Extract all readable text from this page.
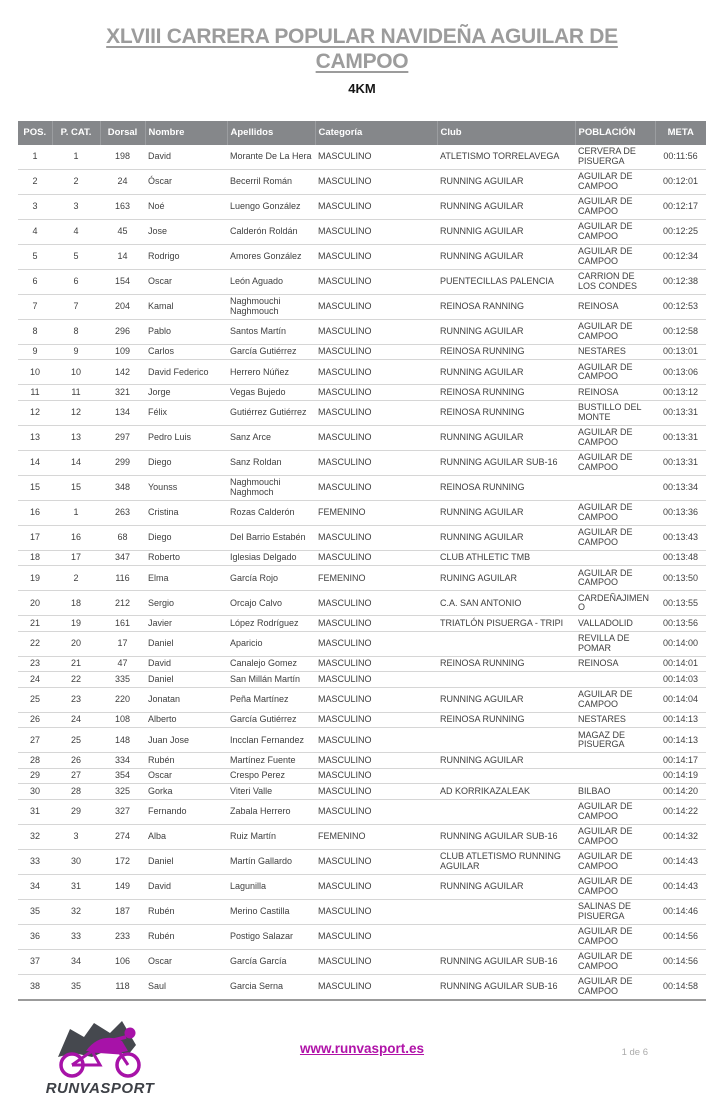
XLVIII CARRERA POPULAR NAVIDEÑA AGUILAR DE CAMPOO
4KM
POS.	P. CAT.	Dorsal	Nombre	Apellidos	Categoría	Club	POBLACIÓN	META
1	1	198	David	Morante De La Hera	MASCULINO	ATLETISMO TORRELAVEGA	CERVERA DE PISUERGA	00:11:56
2	2	24	Óscar	Becerril Román	MASCULINO	RUNNING AGUILAR	AGUILAR DE CAMPOO	00:12:01
3	3	163	Noé	Luengo González	MASCULINO	RUNNING AGUILAR	AGUILAR DE CAMPOO	00:12:17
4	4	45	Jose	Calderón Roldán	MASCULINO	RUNNNIG AGUILAR	AGUILAR DE CAMPOO	00:12:25
5	5	14	Rodrigo	Amores González	MASCULINO	RUNNING AGUILAR	AGUILAR DE CAMPOO	00:12:34
6	6	154	Oscar	León Aguado	MASCULINO	PUENTECILLAS PALENCIA	CARRION DE LOS CONDES	00:12:38
7	7	204	Kamal	Naghmouchi Naghmouch	MASCULINO	REINOSA RANNING	REINOSA	00:12:53
8	8	296	Pablo	Santos Martín	MASCULINO	RUNNING AGUILAR	AGUILAR DE CAMPOO	00:12:58
9	9	109	Carlos	García Gutiérrez	MASCULINO	REINOSA RUNNING	NESTARES	00:13:01
10	10	142	David Federico	Herrero Núñez	MASCULINO	RUNNING AGUILAR	AGUILAR DE CAMPOO	00:13:06
11	11	321	Jorge	Vegas Bujedo	MASCULINO	REINOSA RUNNING	REINOSA	00:13:12
12	12	134	Félix	Gutiérrez Gutiérrez	MASCULINO	REINOSA RUNNING	BUSTILLO DEL MONTE	00:13:31
13	13	297	Pedro Luis	Sanz Arce	MASCULINO	RUNNING AGUILAR	AGUILAR DE CAMPOO	00:13:31
14	14	299	Diego	Sanz Roldan	MASCULINO	RUNNING AGUILAR SUB-16	AGUILAR DE CAMPOO	00:13:31
15	15	348	Younss	Naghmouchi Naghmoch	MASCULINO	REINOSA RUNNING		00:13:34
16	1	263	Cristina	Rozas Calderón	FEMENINO	RUNNING AGUILAR	AGUILAR DE CAMPOO	00:13:36
17	16	68	Diego	Del Barrio Estabén	MASCULINO	RUNNING AGUILAR	AGUILAR DE CAMPOO	00:13:43
18	17	347	Roberto	Iglesias Delgado	MASCULINO	CLUB ATHLETIC TMB		00:13:48
19	2	116	Elma	García Rojo	FEMENINO	RUNING AGUILAR	AGUILAR DE CAMPOO	00:13:50
20	18	212	Sergio	Orcajo Calvo	MASCULINO	C.A. SAN ANTONIO	CARDEÑAJIMENO	00:13:55
21	19	161	Javier	López Rodríguez	MASCULINO	TRIATLÓN PISUERGA - TRIPI	VALLADOLID	00:13:56
22	20	17	Daniel	Aparicio	MASCULINO		REVILLA DE POMAR	00:14:00
23	21	47	David	Canalejo Gomez	MASCULINO	REINOSA RUNNING	REINOSA	00:14:01
24	22	335	Daniel	San Millán Martín	MASCULINO			00:14:03
25	23	220	Jonatan	Peña Martínez	MASCULINO	RUNNING AGUILAR	AGUILAR DE CAMPOO	00:14:04
26	24	108	Alberto	García Gutiérrez	MASCULINO	REINOSA RUNNING	NESTARES	00:14:13
27	25	148	Juan Jose	Incclan Fernandez	MASCULINO		MAGAZ DE PISUERGA	00:14:13
28	26	334	Rubén	Martínez Fuente	MASCULINO	RUNNING AGUILAR		00:14:17
29	27	354	Oscar	Crespo Perez	MASCULINO			00:14:19
30	28	325	Gorka	Viteri Valle	MASCULINO	AD KORRIKAZALEAK	BILBAO	00:14:20
31	29	327	Fernando	Zabala Herrero	MASCULINO		AGUILAR DE CAMPOO	00:14:22
32	3	274	Alba	Ruiz Martín	FEMENINO	RUNNING AGUILAR SUB-16	AGUILAR DE CAMPOO	00:14:32
33	30	172	Daniel	Martín Gallardo	MASCULINO	CLUB ATLETISMO RUNNING AGUILAR	AGUILAR DE CAMPOO	00:14:43
34	31	149	David	Lagunilla	MASCULINO	RUNNING AGUILAR	AGUILAR DE CAMPOO	00:14:43
35	32	187	Rubén	Merino Castilla	MASCULINO		SALINAS DE PISUERGA	00:14:46
36	33	233	Rubén	Postigo Salazar	MASCULINO		AGUILAR DE CAMPOO	00:14:56
37	34	106	Oscar	García García	MASCULINO	RUNNING AGUILAR SUB-16	AGUILAR DE CAMPOO	00:14:56
38	35	118	Saul	Garcia Serna	MASCULINO	RUNNING AGUILAR SUB-16	AGUILAR DE CAMPOO	00:14:58
RUNVASPORT
www.runvasport.es	1 de 6
